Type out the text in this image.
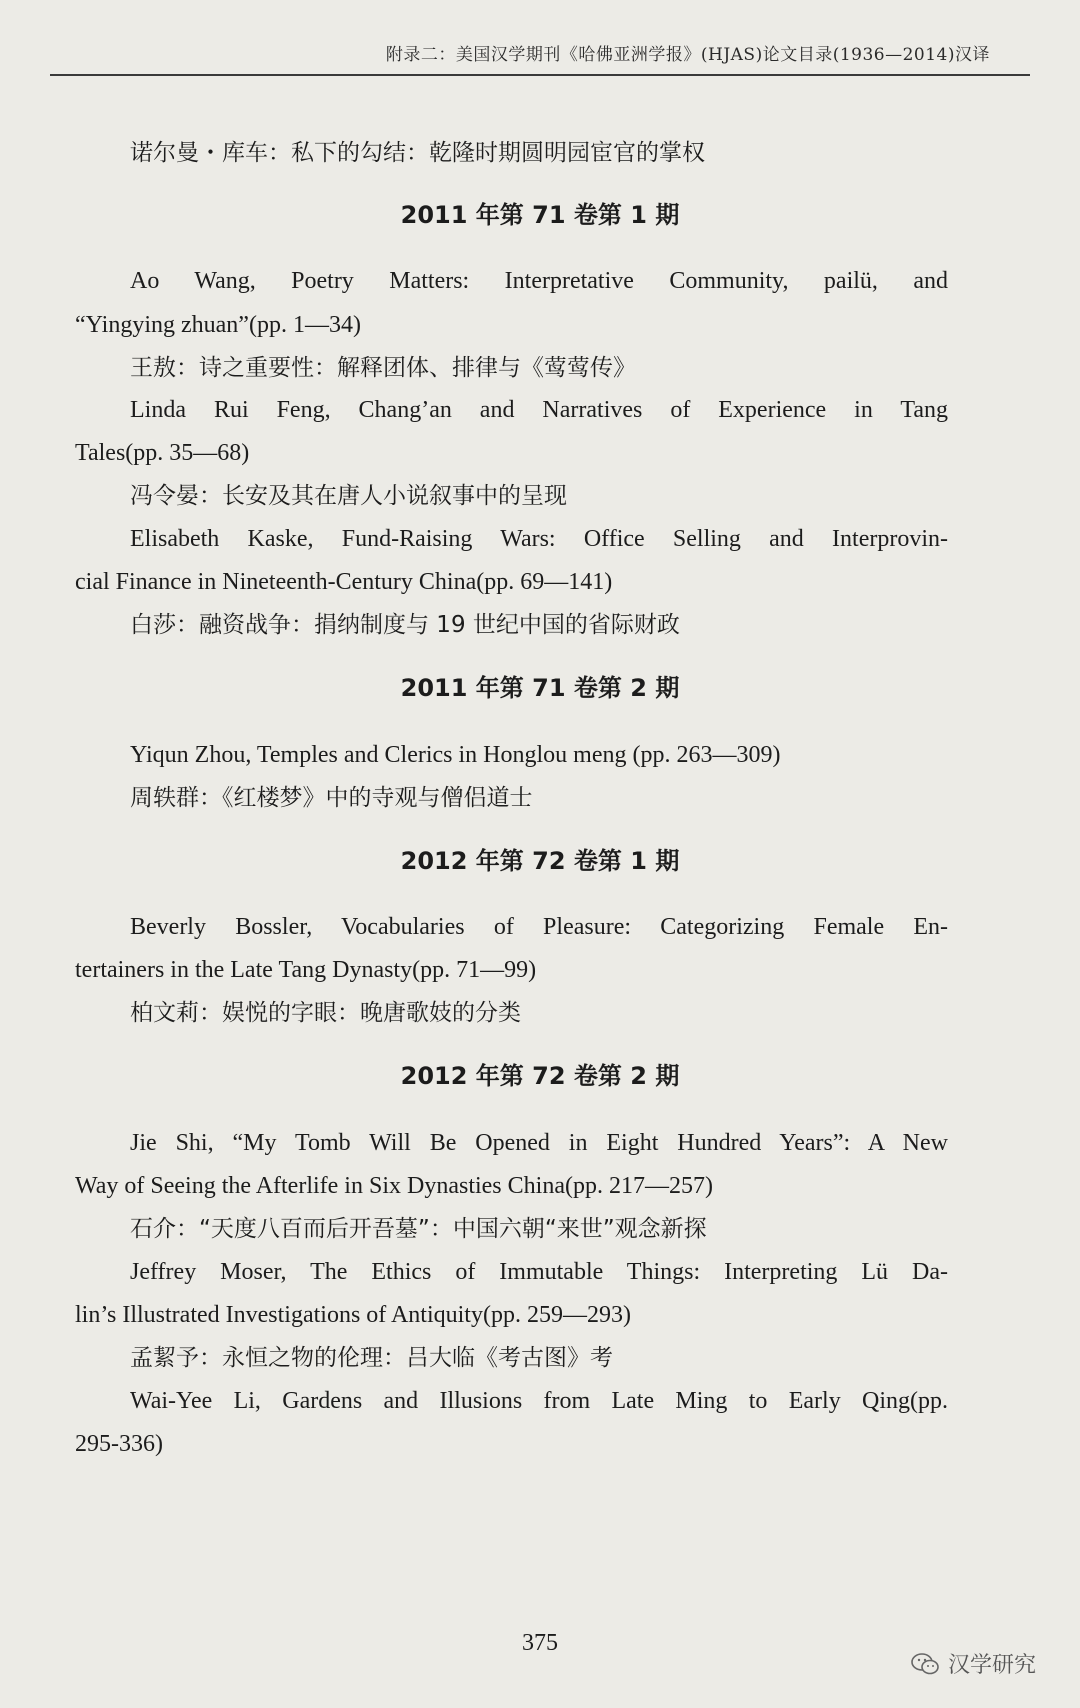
附录二：美国汉学期刊《哈佛亚洲学报》(HJAS)论文目录(1936—2014)汉译
诺尔曼・库车：私下的勾结：乾隆时期圆明园宦官的掌权
2011 年第 71 卷第 1 期
Ao Wang, Poetry Matters: Interpretative Community, pailü, and
“Yingying zhuan”(pp. 1—34)
王敖：诗之重要性：解释团体、排律与《莺莺传》
Linda Rui Feng, Chang’an and Narratives of Experience in Tang
Tales(pp. 35—68)
冯令晏：长安及其在唐人小说叙事中的呈现
Elisabeth Kaske, Fund-Raising Wars: Office Selling and Interprovin-
cial Finance in Nineteenth-Century China(pp. 69—141)
白莎：融资战争：捐纳制度与 19 世纪中国的省际财政
2011 年第 71 卷第 2 期
Yiqun Zhou, Temples and Clerics in Honglou meng (pp. 263—309)
周轶群：《红楼梦》中的寺观与僧侣道士
2012 年第 72 卷第 1 期
Beverly Bossler, Vocabularies of Pleasure: Categorizing Female En-
tertainers in the Late Tang Dynasty(pp. 71—99)
柏文莉：娱悦的字眼：晚唐歌妓的分类
2012 年第 72 卷第 2 期
Jie Shi, “My Tomb Will Be Opened in Eight Hundred Years”: A New
Way of Seeing the Afterlife in Six Dynasties China(pp. 217—257)
石介：“天度八百而后开吾墓”：中国六朝“来世”观念新探
Jeffrey Moser, The Ethics of Immutable Things: Interpreting Lü Da-
lin’s Illustrated Investigations of Antiquity(pp. 259—293)
孟絜予：永恒之物的伦理：吕大临《考古图》考
Wai-Yee Li, Gardens and Illusions from Late Ming to Early Qing(pp.
295-336)
375
汉学研究
